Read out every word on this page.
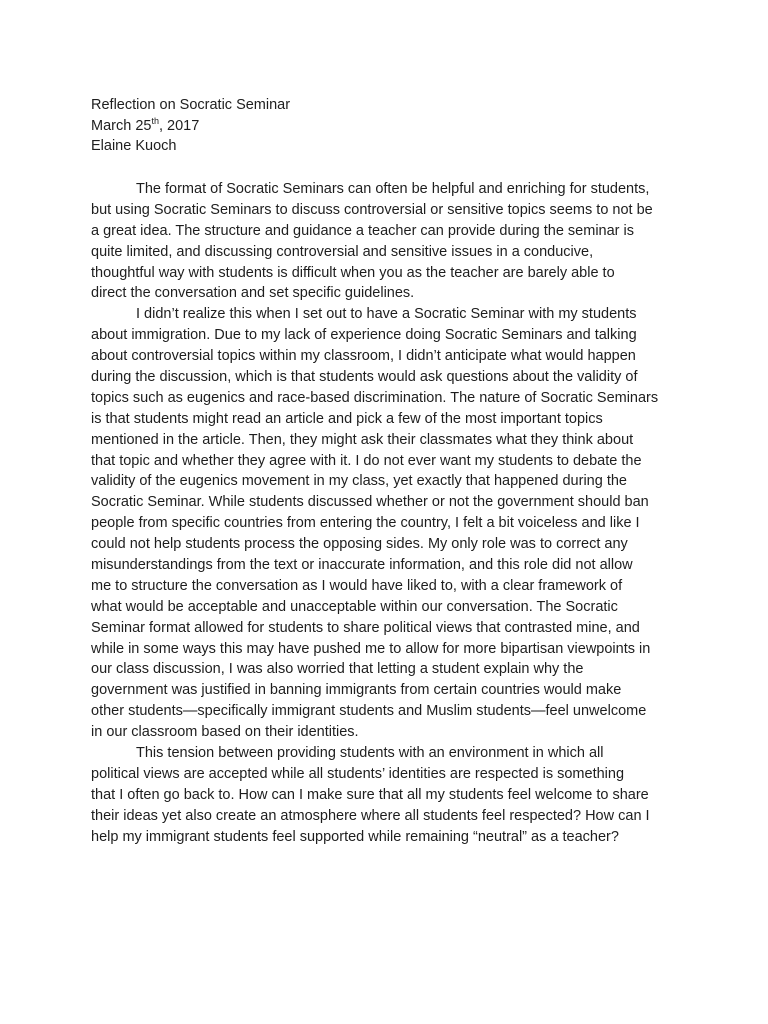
Reflection on Socratic Seminar
March 25th, 2017
Elaine Kuoch
The format of Socratic Seminars can often be helpful and enriching for students,
but using Socratic Seminars to discuss controversial or sensitive topics seems to not be
a great idea. The structure and guidance a teacher can provide during the seminar is
quite limited, and discussing controversial and sensitive issues in a conducive,
thoughtful way with students is difficult when you as the teacher are barely able to
direct the conversation and set specific guidelines.
I didn’t realize this when I set out to have a Socratic Seminar with my students
about immigration. Due to my lack of experience doing Socratic Seminars and talking
about controversial topics within my classroom, I didn’t anticipate what would happen
during the discussion, which is that students would ask questions about the validity of
topics such as eugenics and race-based discrimination. The nature of Socratic Seminars
is that students might read an article and pick a few of the most important topics
mentioned in the article. Then, they might ask their classmates what they think about
that topic and whether they agree with it. I do not ever want my students to debate the
validity of the eugenics movement in my class, yet exactly that happened during the
Socratic Seminar. While students discussed whether or not the government should ban
people from specific countries from entering the country, I felt a bit voiceless and like I
could not help students process the opposing sides. My only role was to correct any
misunderstandings from the text or inaccurate information, and this role did not allow
me to structure the conversation as I would have liked to, with a clear framework of
what would be acceptable and unacceptable within our conversation. The Socratic
Seminar format allowed for students to share political views that contrasted mine, and
while in some ways this may have pushed me to allow for more bipartisan viewpoints in
our class discussion, I was also worried that letting a student explain why the
government was justified in banning immigrants from certain countries would make
other students—specifically immigrant students and Muslim students—feel unwelcome
in our classroom based on their identities.
This tension between providing students with an environment in which all
political views are accepted while all students’ identities are respected is something
that I often go back to. How can I make sure that all my students feel welcome to share
their ideas yet also create an atmosphere where all students feel respected? How can I
help my immigrant students feel supported while remaining “neutral” as a teacher?
